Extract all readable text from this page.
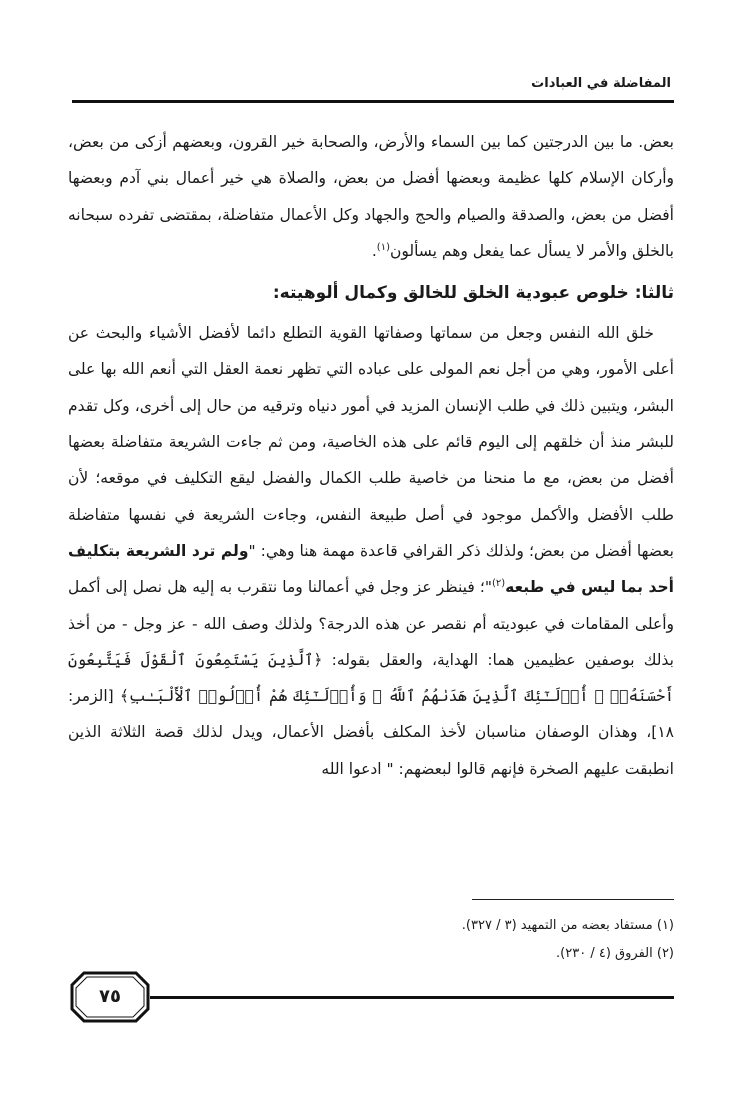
المفاضلة في العبادات

بعض. ما بين الدرجتين كما بين السماء والأرض، والصحابة خير القرون، وبعضهم أزكى من بعض، وأركان الإسلام كلها عظيمة وبعضها أفضل من بعض، والصلاة هي خير أعمال بني آدم وبعضها أفضل من بعض، والصدقة والصيام والحج والجهاد وكل الأعمال متفاضلة، بمقتضى تفرده سبحانه بالخلق والأمر لا يسأل عما يفعل وهم يسألون$^{(١)}$.

ثالثا: خلوص عبودية الخلق للخالق وكمال ألوهيته:

خلق الله النفس وجعل من سماتها وصفاتها القوية التطلع دائما لأفضل الأشياء والبحث عن أعلى الأمور، وهي من أجل نعم المولى على عباده التي تظهر نعمة العقل التي أنعم الله بها على البشر، ويتبين ذلك في طلب الإنسان المزيد في أمور دنياه وترقيه من حال إلى أخرى، وكل تقدم للبشر منذ أن خلقهم إلى اليوم قائم على هذه الخاصية، ومن ثم جاءت الشريعة متفاضلة بعضها أفضل من بعض، مع ما منحنا من خاصية طلب الكمال والفضل ليقع التكليف في موقعه؛ لأن طلب الأفضل والأكمل موجود في أصل طبيعة النفس، وجاءت الشريعة في نفسها متفاضلة بعضها أفضل من بعض؛ ولذلك ذكر القرافي قاعدة مهمة هنا وهي: "ولم ترد الشريعة بتكليف أحد بما ليس في طبعه$^{(٢)}$"؛ فينظر عز وجل في أعمالنا وما نتقرب به إليه هل نصل إلى أكمل وأعلى المقامات في عبوديته أم نقصر عن هذه الدرجة؟ ولذلك وصف الله - عز وجل - من أخذ بذلك بوصفين عظيمين هما: الهداية، والعقل بقوله: ﴿ٱلَّذِينَ يَسْتَمِعُونَ ٱلْقَوْلَ فَيَتَّبِعُونَ أَحْسَنَهُۥٓ ۚ أُو۟لَـٰٓئِكَ ٱلَّذِينَ هَدَىٰهُمُ ٱللَّهُ ۖ وَأُو۟لَـٰٓئِكَ هُمْ أُو۟لُوا۟ ٱلْأَلْبَـٰبِ﴾ [الزمر: ١٨]، وهذان الوصفان مناسبان لأخذ المكلف بأفضل الأعمال، ويدل لذلك قصة الثلاثة الذين انطبقت عليهم الصخرة فإنهم قالوا لبعضهم: " ادعوا الله

(١) مستفاد بعضه من التمهيد (٣ / ٣٢٧).
(٢) الفروق (٤ / ٢٣٠).
٧٥
